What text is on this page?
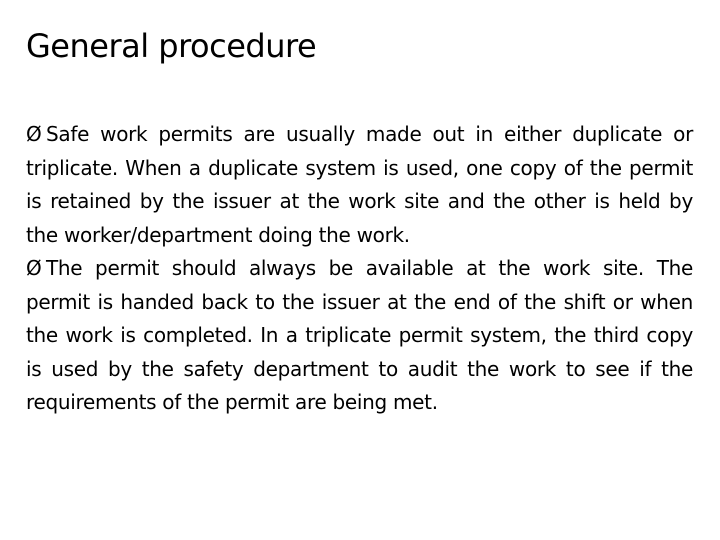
General procedure

Ø Safe work permits are usually made out in either duplicate or triplicate. When a duplicate system is used, one copy of the permit is retained by the issuer at the work site and the other is held by the worker/department doing the work.

Ø The permit should always be available at the work site. The permit is handed back to the issuer at the end of the shift or when the work is completed. In a triplicate permit system, the third copy is used by the safety department to audit the work to see if the requirements of the permit are being met.
